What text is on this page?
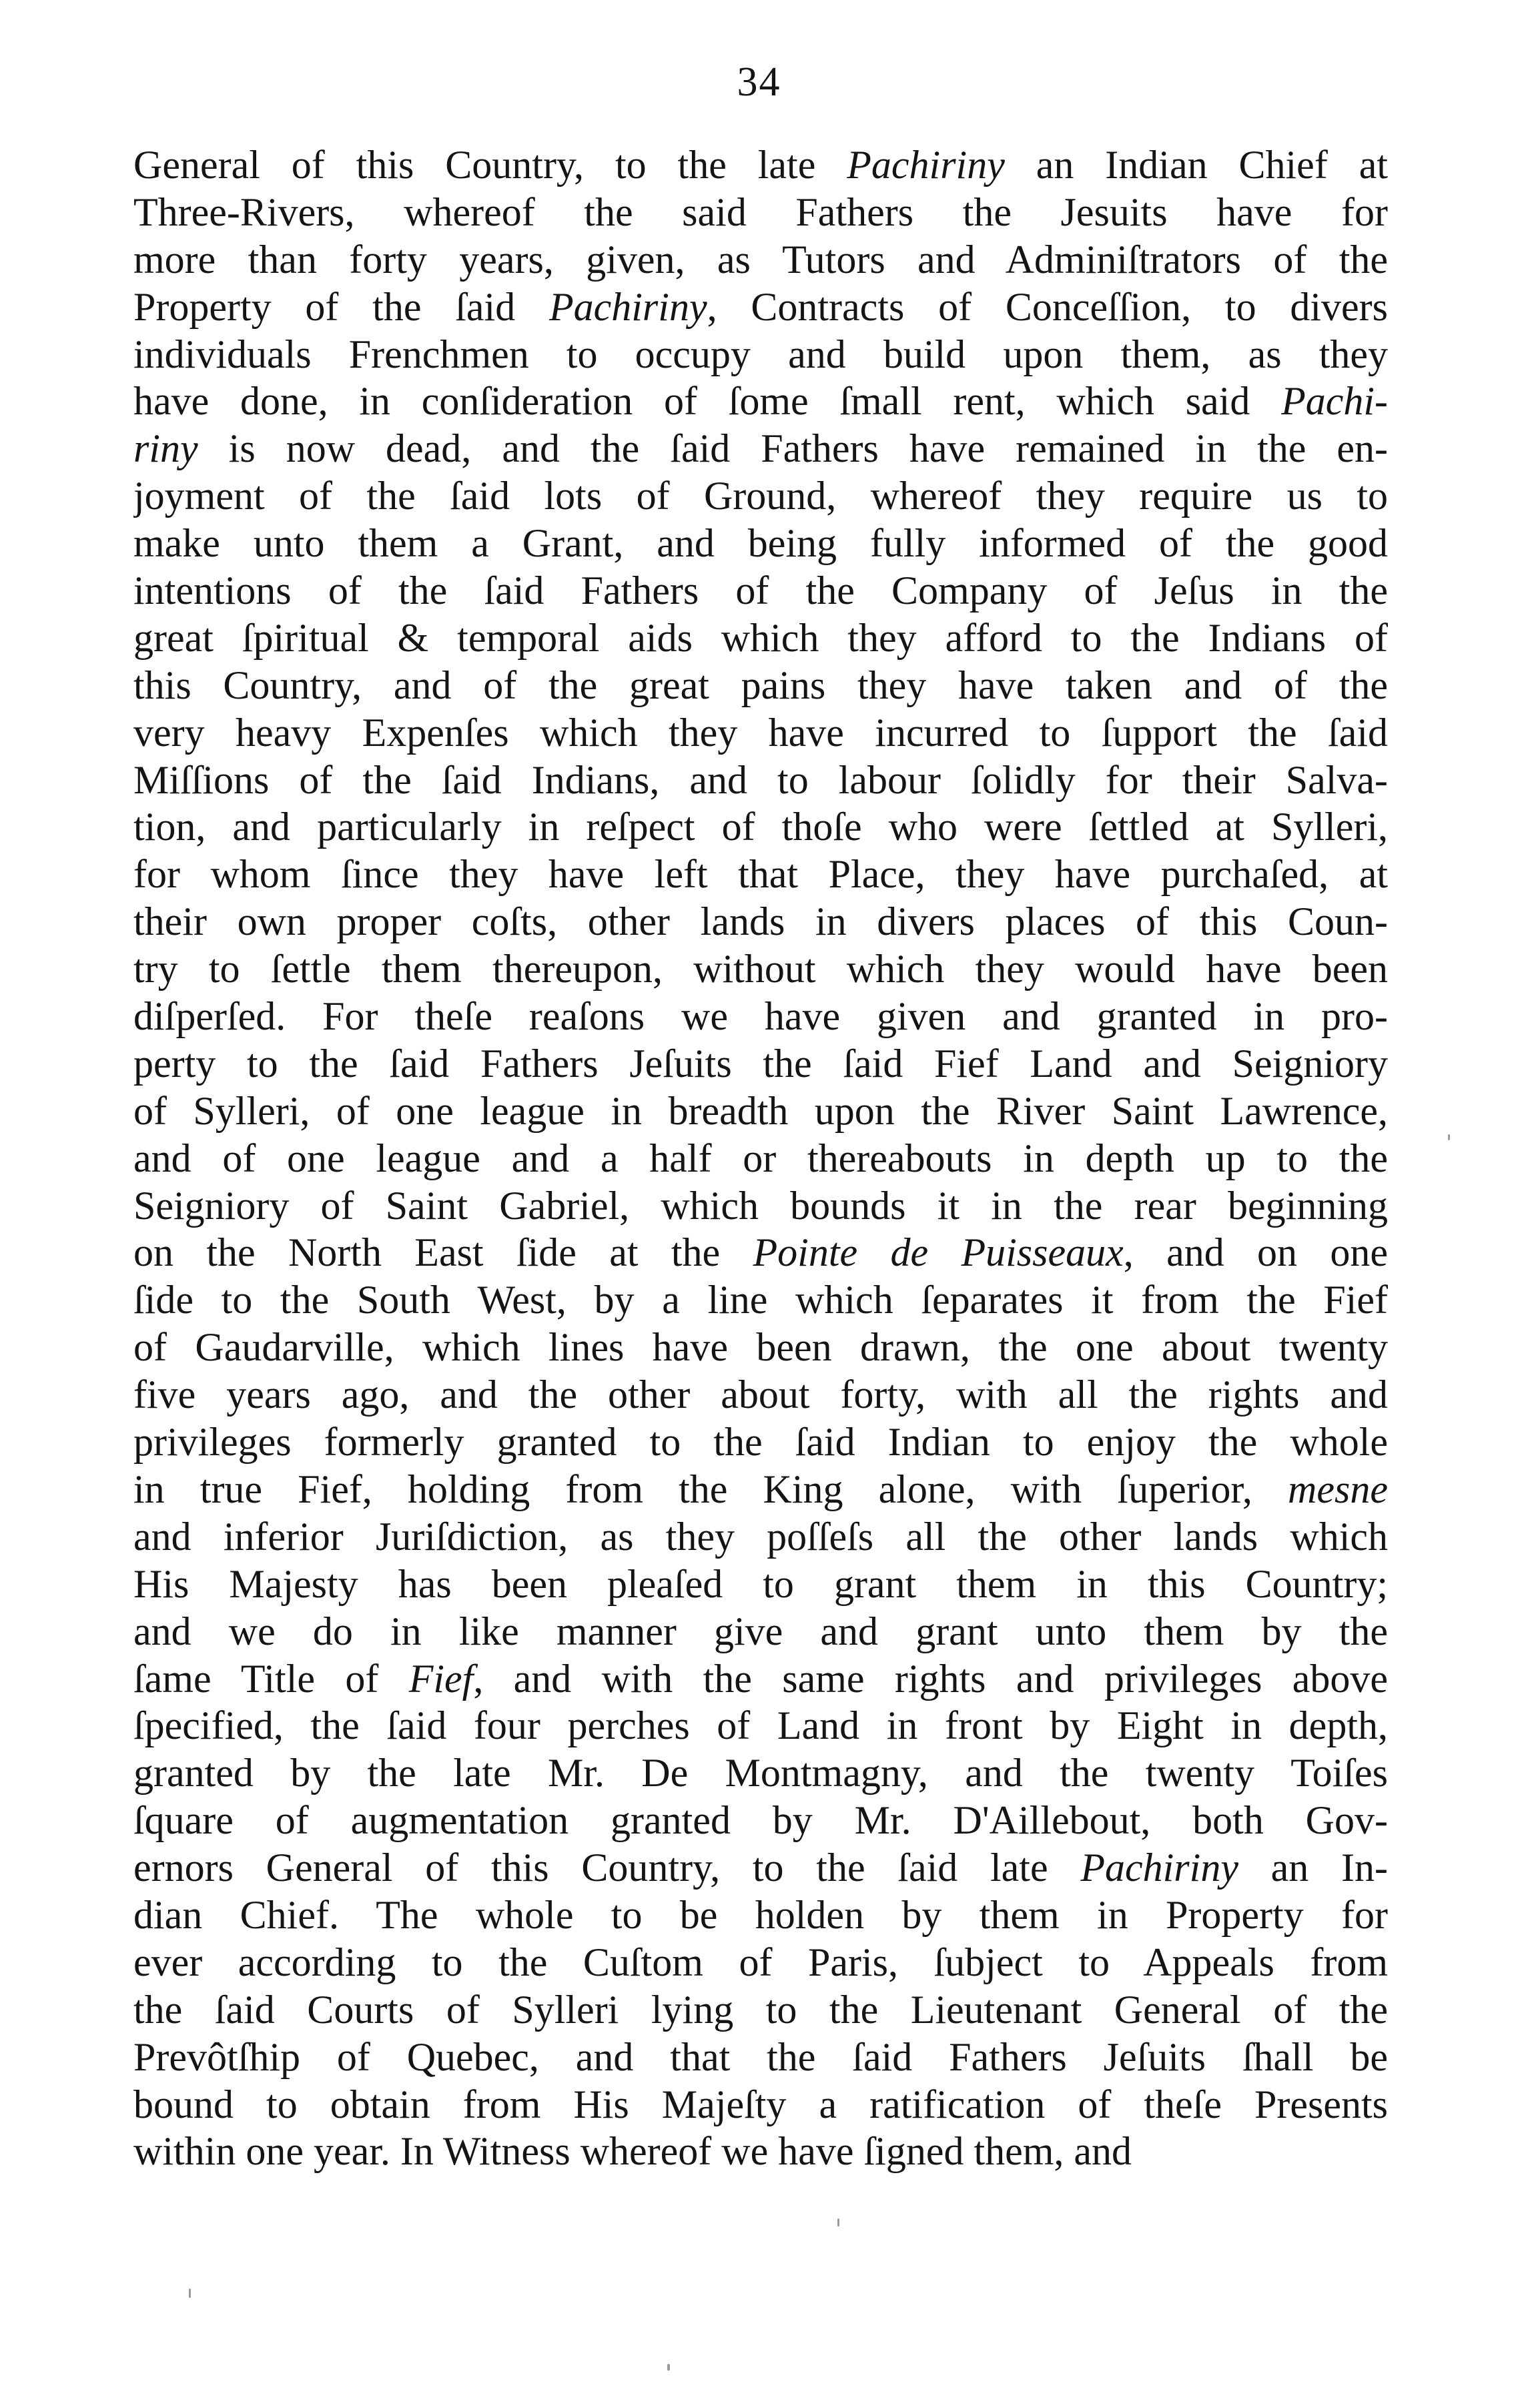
34
General of this Country, to the late Pachiriny an Indian Chief at
Three-Rivers, whereof the said Fathers the Jesuits have for
more than forty years, given, as Tutors and Adminiſtrators of the
Property of the ſaid Pachiriny, Contracts of Conceſſion, to divers
individuals Frenchmen to occupy and build upon them, as they
have done, in conſideration of ſome ſmall rent, which said Pachi-
riny is now dead, and the ſaid Fathers have remained in the en-
joyment of the ſaid lots of Ground, whereof they require us to
make unto them a Grant, and being fully informed of the good
intentions of the ſaid Fathers of the Company of Jeſus in the
great ſpiritual & temporal aids which they afford to the Indians of
this Country, and of the great pains they have taken and of the
very heavy Expenſes which they have incurred to ſupport the ſaid
Miſſions of the ſaid Indians, and to labour ſolidly for their Salva-
tion, and particularly in reſpect of thoſe who were ſettled at Sylleri,
for whom ſince they have left that Place, they have purchaſed, at
their own proper coſts, other lands in divers places of this Coun-
try to ſettle them thereupon, without which they would have been
diſperſed. For theſe reaſons we have given and granted in pro-
perty to the ſaid Fathers Jeſuits the ſaid Fief Land and Seigniory
of Sylleri, of one league in breadth upon the River Saint Lawrence,
and of one league and a half or thereabouts in depth up to the
Seigniory of Saint Gabriel, which bounds it in the rear beginning
on the North East ſide at the Pointe de Puisseaux, and on one
ſide to the South West, by a line which ſeparates it from the Fief
of Gaudarville, which lines have been drawn, the one about twenty
five years ago, and the other about forty, with all the rights and
privileges formerly granted to the ſaid Indian to enjoy the whole
in true Fief, holding from the King alone, with ſuperior, mesne
and inferior Juriſdiction, as they poſſeſs all the other lands which
His Majesty has been pleaſed to grant them in this Country;
and we do in like manner give and grant unto them by the
ſame Title of Fief, and with the same rights and privileges above
ſpecified, the ſaid four perches of Land in front by Eight in depth,
granted by the late Mr. De Montmagny, and the twenty Toiſes
ſquare of augmentation granted by Mr. D'Aillebout, both Gov-
ernors General of this Country, to the ſaid late Pachiriny an In-
dian Chief. The whole to be holden by them in Property for
ever according to the Cuſtom of Paris, ſubject to Appeals from
the ſaid Courts of Sylleri lying to the Lieutenant General of the
Prevôtſhip of Quebec, and that the ſaid Fathers Jeſuits ſhall be
bound to obtain from His Majeſty a ratification of theſe Presents
within one year. In Witness whereof we have ſigned them, and
